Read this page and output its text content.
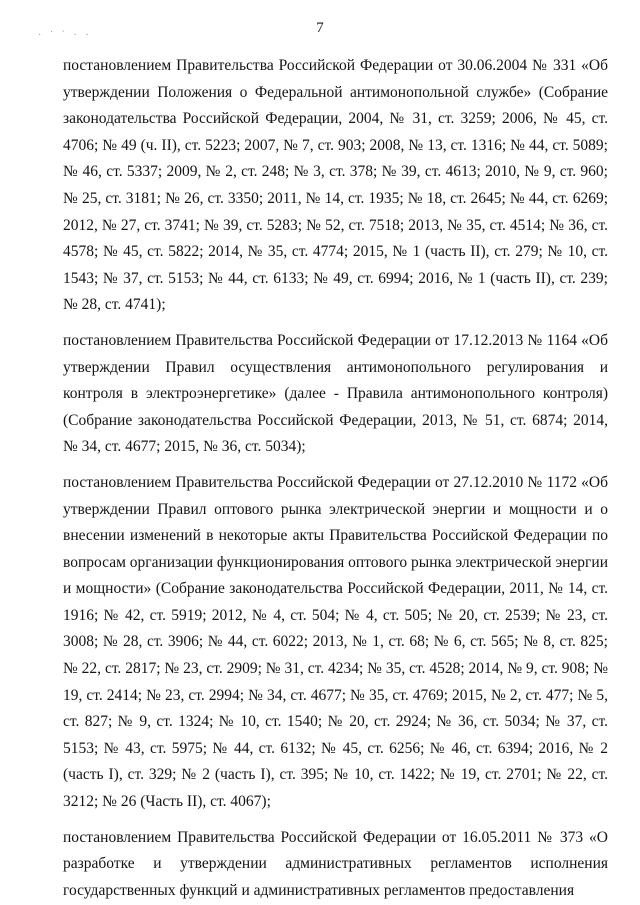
· ˙ ` · ·	7

постановлением Правительства Российской Федерации от 30.06.2004 № 331 «Об утверждении Положения о Федеральной антимонопольной службе» (Собрание законодательства Российской Федерации, 2004, № 31, ст. 3259; 2006, № 45, ст. 4706; № 49 (ч. II), ст. 5223; 2007, № 7, ст. 903; 2008, № 13, ст. 1316; № 44, ст. 5089; № 46, ст. 5337; 2009, № 2, ст. 248; № 3, ст. 378; № 39, ст. 4613; 2010, № 9, ст. 960; № 25, ст. 3181; № 26, ст. 3350; 2011, № 14, ст. 1935; № 18, ст. 2645; № 44, ст. 6269; 2012, № 27, ст. 3741; № 39, ст. 5283; № 52, ст. 7518; 2013, № 35, ст. 4514; № 36, ст. 4578; № 45, ст. 5822; 2014, № 35, ст. 4774; 2015, № 1 (часть II), ст. 279; № 10, ст. 1543; № 37, ст. 5153; № 44, ст. 6133; № 49, ст. 6994; 2016, № 1 (часть II), ст. 239; № 28, ст. 4741);

постановлением Правительства Российской Федерации от 17.12.2013 № 1164 «Об утверждении Правил осуществления антимонопольного регулирования и контроля в электроэнергетике» (далее - Правила антимонопольного контроля) (Собрание законодательства Российской Федерации, 2013, № 51, ст. 6874; 2014, № 34, ст. 4677; 2015, № 36, ст. 5034);

постановлением Правительства Российской Федерации от 27.12.2010 № 1172 «Об утверждении Правил оптового рынка электрической энергии и мощности и о внесении изменений в некоторые акты Правительства Российской Федерации по вопросам организации функционирования оптового рынка электрической энергии и мощности» (Собрание законодательства Российской Федерации, 2011, № 14, ст. 1916; № 42, ст. 5919; 2012, № 4, ст. 504; № 4, ст. 505; № 20, ст. 2539; № 23, ст. 3008; № 28, ст. 3906; № 44, ст. 6022; 2013, № 1, ст. 68; № 6, ст. 565; № 8, ст. 825; № 22, ст. 2817; № 23, ст. 2909; № 31, ст. 4234; № 35, ст. 4528; 2014, № 9, ст. 908; № 19, ст. 2414; № 23, ст. 2994; № 34, ст. 4677; № 35, ст. 4769; 2015, № 2, ст. 477; № 5, ст. 827; № 9, ст. 1324; № 10, ст. 1540; № 20, ст. 2924; № 36, ст. 5034; № 37, ст. 5153; № 43, ст. 5975; № 44, ст. 6132; № 45, ст. 6256; № 46, ст. 6394; 2016, № 2 (часть I), ст. 329; № 2 (часть I), ст. 395; № 10, ст. 1422; № 19, ст. 2701; № 22, ст. 3212; № 26 (Часть II), ст. 4067);

постановлением Правительства Российской Федерации от 16.05.2011 № 373 «О разработке и утверждении административных регламентов исполнения государственных функций и административных регламентов предоставления
